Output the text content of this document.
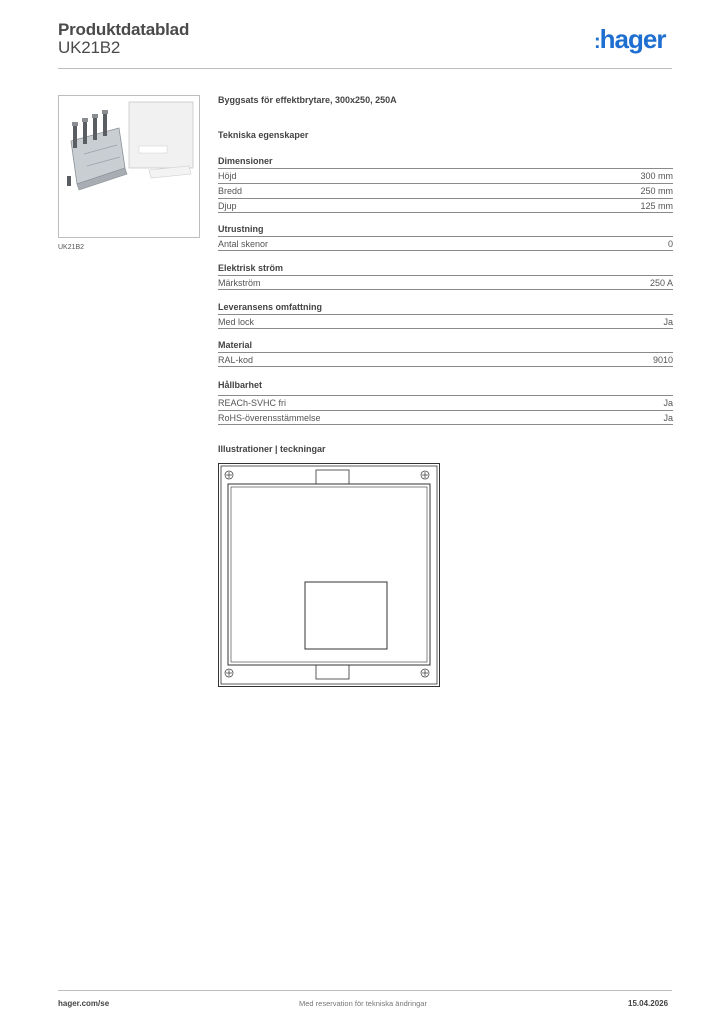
Produktdatablad
UK21B2	:hager
UK21B2
Byggsats för effektbrytare, 300x250, 250A
Tekniska egenskaper
Dimensioner
Höjd	300 mm
Bredd	250 mm
Djup	125 mm
Utrustning
Antal skenor	0
Elektrisk ström
Märkström	250 A
Leveransens omfattning
Med lock	Ja
Material
RAL-kod	9010
Hållbarhet
REACh-SVHC fri	Ja
RoHS-överensstämmelse	Ja
Illustrationer | teckningar
hager.com/se	Med reservation för tekniska ändringar	15.04.2026
